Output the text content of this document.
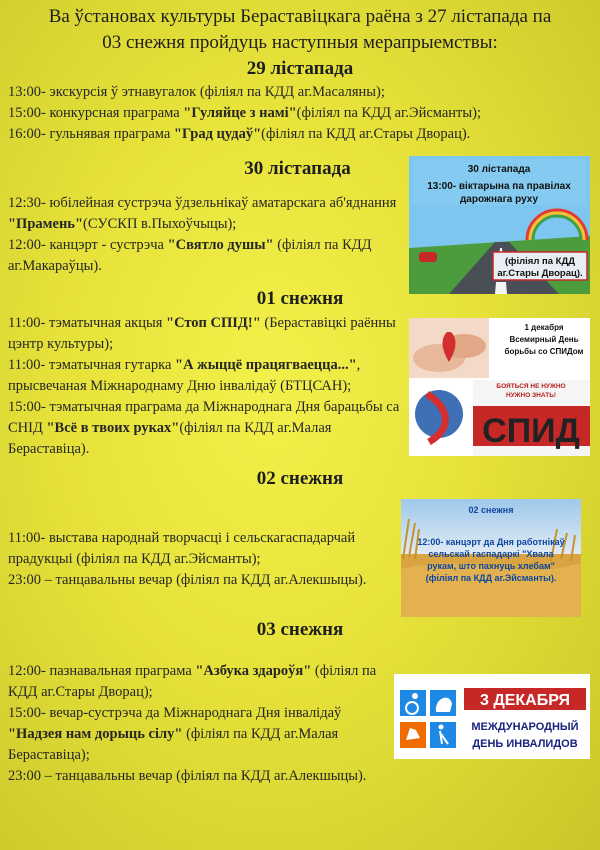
Ва ўстановах культуры Бераставіцкага раёна з 27 лістапада па
03 снежня пройдуць наступныя мерапрыемствы:
29 лістапада

13:00- экскурсія ў этнавугалок (філіял па КДД аг.Масаляны);

15:00- конкурсная праграма "Гуляйце з намі"(філіял па КДД аг.Эйсманты);

16:00- гульнявая праграма "Град цудаў"(філіял па КДД аг.Стары Дворац).

30 лістапада

12:30- юбілейная сустрэча ўдзельнікаў аматарскага аб'яднання "Прамень"(СУСКП в.Пыхоўчыцы);

12:00- канцэрт - сустрэча "Святло душы" (філіял па КДД аг.Макараўцы).

30 лістапада
13:00- віктарына па правілах
дарожнага руху
(філіял па КДД
аг.Стары Дворац).
01 снежня

11:00- тэматычная акцыя "Стоп СПІД!" (Бераставіцкі раённы цэнтр культуры);

11:00- тэматычная гутарка "А жыццё працягваецца...", прысвечаная Міжнароднаму Дню інвалідаў (БТЦСАН);

15:00- тэматычная праграма да Міжнароднага Дня барацьбы са СНІД "Всё в твоих руках"(філіял па КДД аг.Малая Бераставіца).

1 декабря
Всемирный День
борьбы со СПИДом
БОЯТЬСЯ НЕ НУЖНО
НУЖНО ЗНАТЬ!
СПИД
02 снежня

11:00- выстава народнай творчасці і сельскагаспадарчай прадукцыі (філіял па КДД аг.Эйсманты);

23:00 – танцавальны вечар (філіял па КДД аг.Алекшыцы).

02 снежня
12:00- канцэрт да Дня работнікаў
сельскай гаспадаркі "Хвала
рукам, што пахнуць хлебам"
(філіял па КДД аг.Эйсманты).
03 снежня

12:00- пазнавальная праграма "Азбука здароўя" (філіял па КДД аг.Стары Дворац);

15:00- вечар-сустрэча да Міжнароднага Дня інвалідаў "Надзея нам дорыць сілу" (філіял па КДД аг.Малая Бераставіца);

23:00 – танцавальны вечар (філіял па КДД аг.Алекшыцы).

3 ДЕКАБРЯ
МЕЖДУНАРОДНЫЙ
ДЕНЬ ИНВАЛИДОВ
